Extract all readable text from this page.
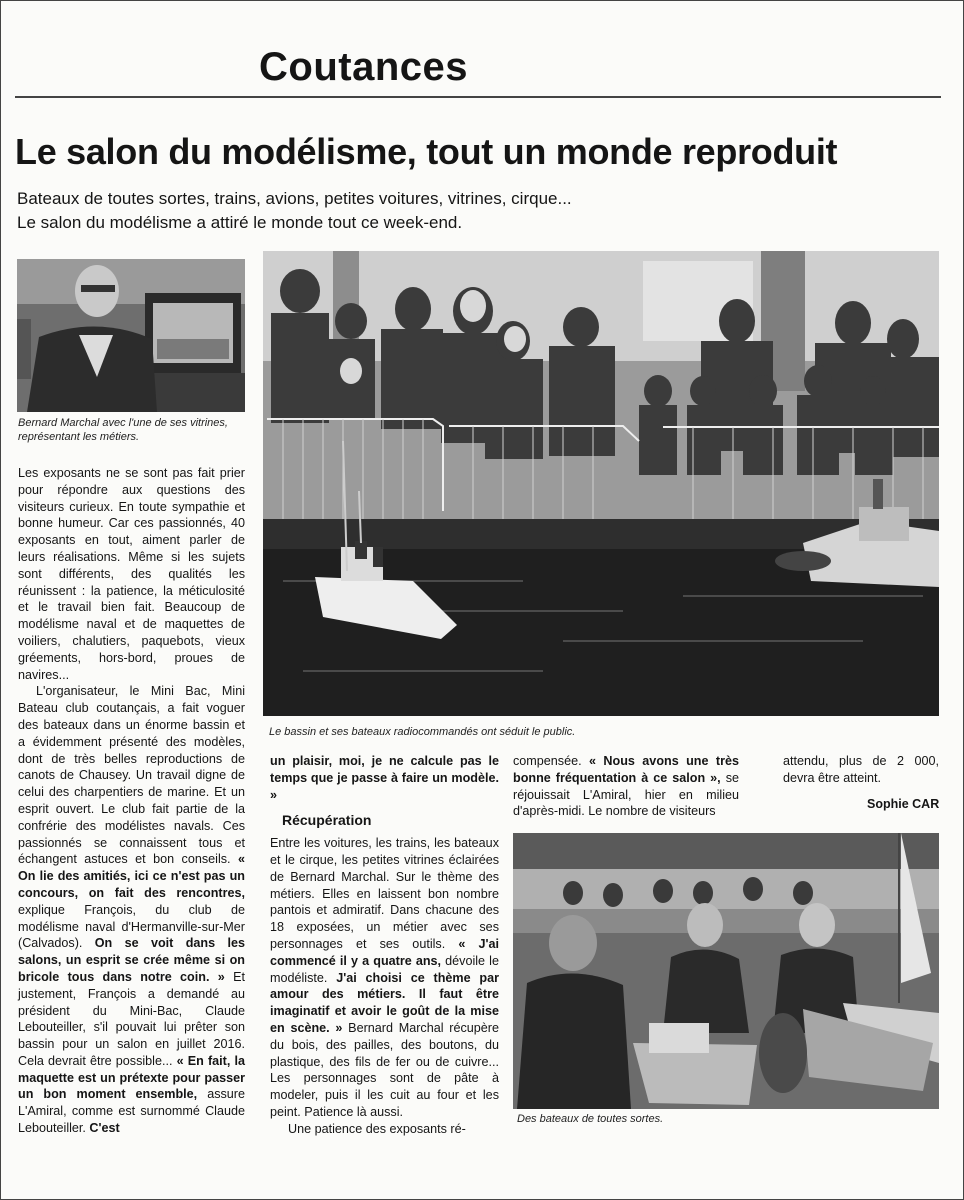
Coutances
Le salon du modélisme, tout un monde reproduit
Bateaux de toutes sortes, trains, avions, petites voitures, vitrines, cirque...
Le salon du modélisme a attiré le monde tout ce week-end.
Bernard Marchal avec l'une de ses vitrines, représentant les métiers.
Le bassin et ses bateaux radiocommandés ont séduit le public.

Les exposants ne se sont pas fait prier pour répondre aux questions des visiteurs curieux. En toute sympathie et bonne humeur. Car ces passionnés, 40 exposants en tout, aiment parler de leurs réalisations. Même si les sujets sont différents, des qualités les réunissent : la patience, la méticulosité et le travail bien fait. Beaucoup de modélisme naval et de maquettes de voiliers, chalutiers, paquebots, vieux gréements, hors-bord, proues de navires...

L'organisateur, le Mini Bac, Mini Bateau club coutançais, a fait voguer des bateaux dans un énorme bassin et a évidemment présenté des modèles, dont de très belles reproductions de canots de Chausey. Un travail digne de celui des charpentiers de marine. Et un esprit ouvert. Le club fait partie de la confrérie des modélistes navals. Ces passionnés se connaissent tous et échangent astuces et bon conseils. « On lie des amitiés, ici ce n'est pas un concours, on fait des rencontres, explique François, du club de modélisme naval d'Hermanville-sur-Mer (Calvados). On se voit dans les salons, un esprit se crée même si on bricole tous dans notre coin. » Et justement, François a demandé au président du Mini-Bac, Claude Lebouteiller, s'il pouvait lui prêter son bassin pour un salon en juillet 2016. Cela devrait être possible... « En fait, la maquette est un prétexte pour passer un bon moment ensemble, assure L'Amiral, comme est surnommé Claude Lebouteiller. C'est

un plaisir, moi, je ne calcule pas le temps que je passe à faire un modèle. »

Récupération

Entre les voitures, les trains, les bateaux et le cirque, les petites vitrines éclairées de Bernard Marchal. Sur le thème des métiers. Elles en laissent bon nombre pantois et admiratif. Dans chacune des 18 exposées, un métier avec ses personnages et ses outils. « J'ai commencé il y a quatre ans, dévoile le modéliste. J'ai choisi ce thème par amour des métiers. Il faut être imaginatif et avoir le goût de la mise en scène. » Bernard Marchal récupère du bois, des pailles, des boutons, du plastique, des fils de fer ou de cuivre... Les personnages sont de pâte à modeler, puis il les cuit au four et les peint. Patience là aussi.

Une patience des exposants ré-

compensée. « Nous avons une très bonne fréquentation à ce salon », se réjouissait L'Amiral, hier en milieu d'après-midi. Le nombre de visiteurs

attendu, plus de 2 000, devra être atteint.

Sophie CAR
Des bateaux de toutes sortes.
